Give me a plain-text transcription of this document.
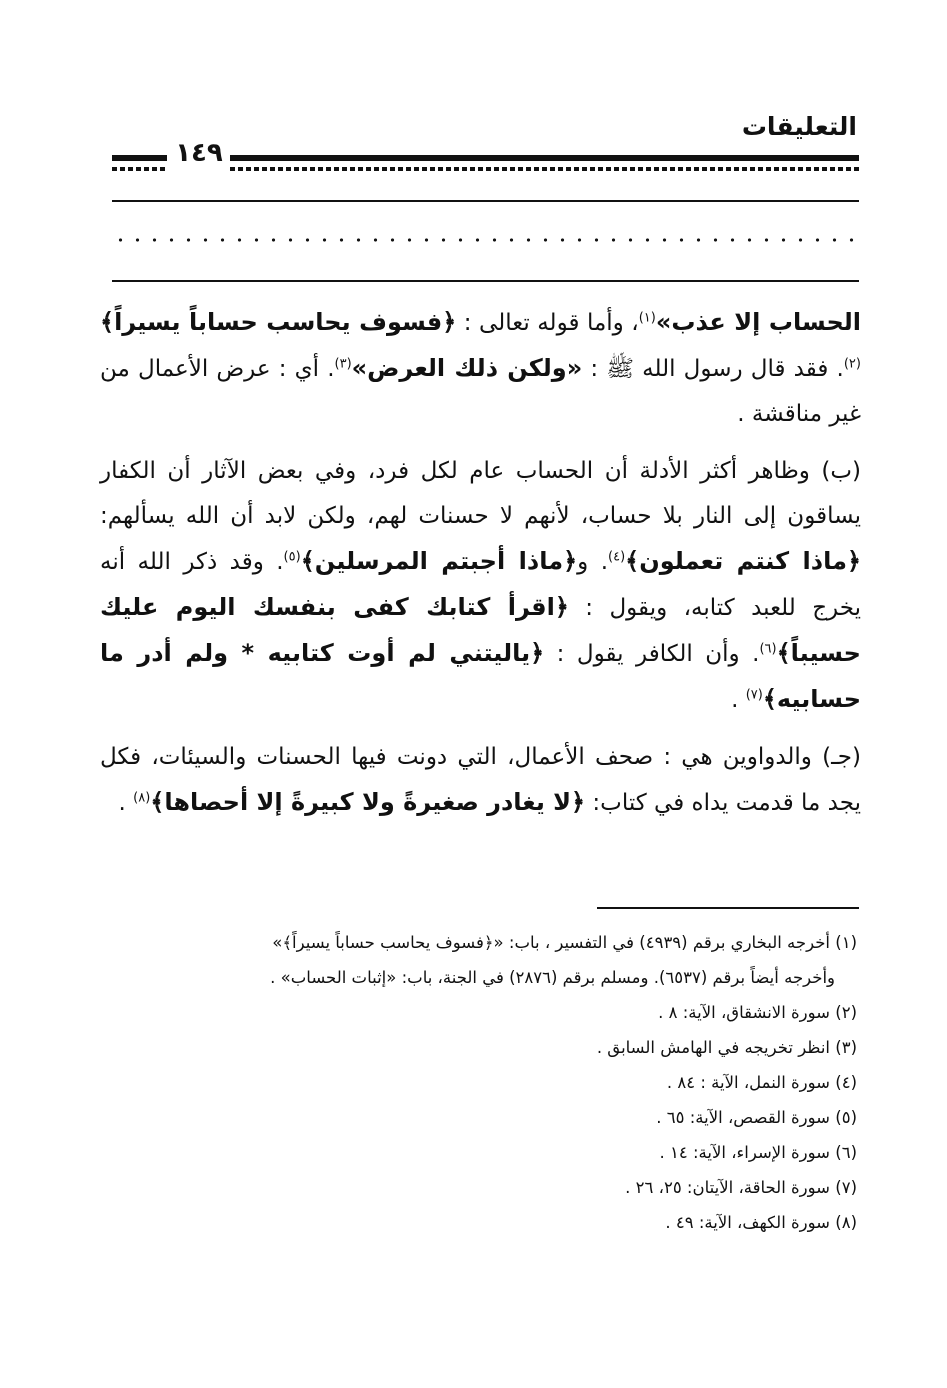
التعليقات
١٤٩

الحساب إلا عذب»$^{(١)}$، وأما قوله تعالى : ﴿فسوف يحاسب حساباً يسيراً﴾$^{(٢)}$. فقد قال رسول الله ﷺ : «ولكن ذلك العرض»$^{(٣)}$. أي : عرض الأعمال من غير مناقشة .

(ب) وظاهر أكثر الأدلة أن الحساب عام لكل فرد، وفي بعض الآثار أن الكفار يساقون إلى النار بلا حساب، لأنهم لا حسنات لهم، ولكن لابد أن الله يسألهم: ﴿ماذا كنتم تعملون﴾$^{(٤)}$. و﴿ماذا أجبتم المرسلين﴾$^{(٥)}$. وقد ذكر الله أنه يخرج للعبد كتابه، ويقول : ﴿اقرأ كتابك كفى بنفسك اليوم عليك حسيباً﴾$^{(٦)}$. وأن الكافر يقول : ﴿ياليتني لم أوت كتابيه * ولم أدر ما حسابيه﴾$^{(٧)}$ .

(جـ) والدواوين هي : صحف الأعمال، التي دونت فيها الحسنات والسيئات، فكل يجد ما قدمت يداه في كتاب: ﴿لا يغادر صغيرةً ولا كبيرةً إلا أحصاها﴾$^{(٨)}$ .

(١) أخرجه البخاري برقم (٤٩٣٩) في التفسير ، باب: «﴿فسوف يحاسب حساباً يسيراً﴾»
وأخرجه أيضاً برقم (٦٥٣٧). ومسلم برقم (٢٨٧٦) في الجنة، باب: «إثبات الحساب» .
(٢) سورة الانشقاق، الآية: ٨ .
(٣) انظر تخريجه في الهامش السابق .
(٤) سورة النمل، الآية : ٨٤ .
(٥) سورة القصص، الآية: ٦٥ .
(٦) سورة الإسراء، الآية: ١٤ .
(٧) سورة الحاقة، الآيتان: ٢٥، ٢٦ .
(٨) سورة الكهف، الآية: ٤٩ .
